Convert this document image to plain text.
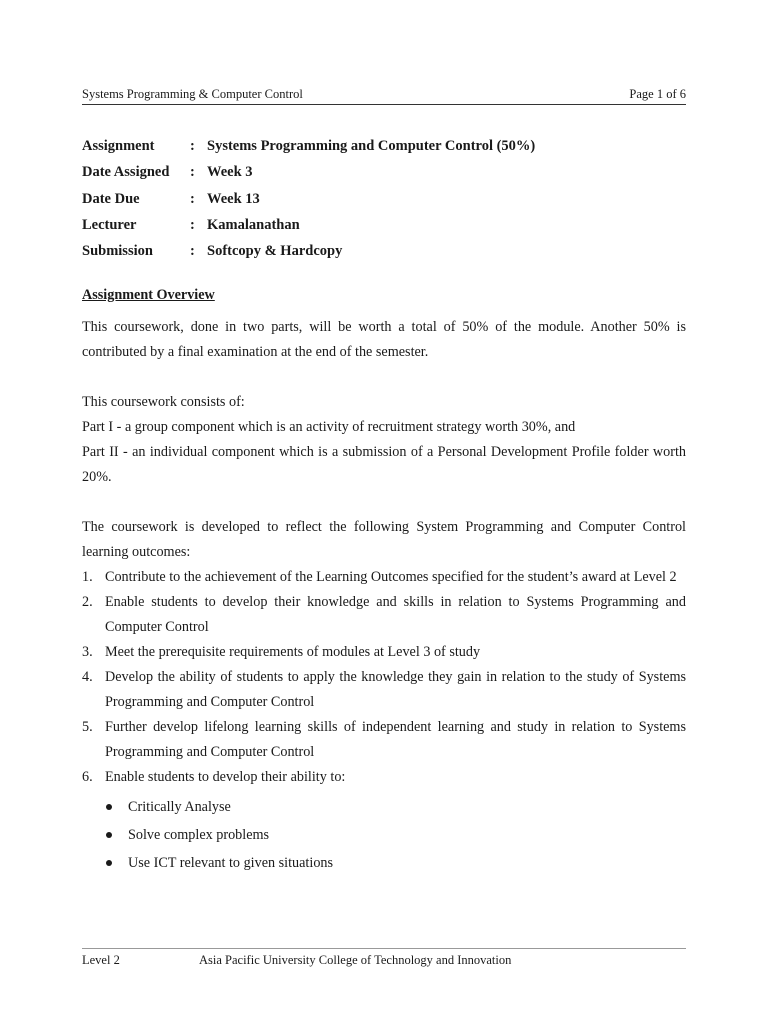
Systems Programming & Computer Control	Page 1 of 6
Assignment : Systems Programming and Computer Control (50%)
Date Assigned : Week 3
Date Due	: Week 13
Lecturer	: Kamalanathan
Submission	: Softcopy & Hardcopy
Assignment Overview

This coursework, done in two parts, will be worth a total of 50% of the module. Another 50% is contributed by a final examination at the end of the semester.

This coursework consists of:

Part I - a group component which is an activity of recruitment strategy worth 30%, and

Part II - an individual component which is a submission of a Personal Development Profile folder worth 20%.

The coursework is developed to reflect the following System Programming and Computer Control learning outcomes:

1. Contribute to the achievement of the Learning Outcomes specified for the student’s award at Level 2
2. Enable students to develop their knowledge and skills in relation to Systems Programming and Computer Control
3. Meet the prerequisite requirements of modules at Level 3 of study
4. Develop the ability of students to apply the knowledge they gain in relation to the study of Systems Programming and Computer Control
5. Further develop lifelong learning skills of independent learning and study in relation to Systems Programming and Computer Control
6. Enable students to develop their ability to:
Critically Analyse
Solve complex problems
Use ICT relevant to given situations
Level 2	Asia Pacific University College of Technology and Innovation
